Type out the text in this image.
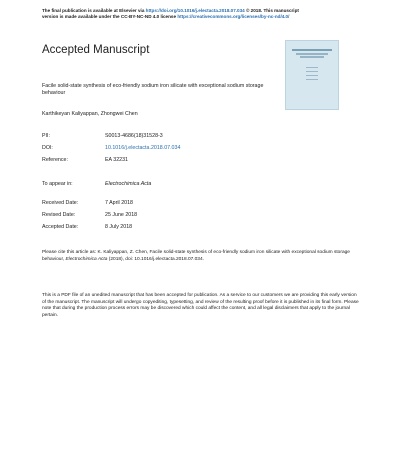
The final publication is available at Elsevier via https://doi.org/10.1016/j.electacta.2018.07.034 © 2018. This manuscript
version is made available under the CC-BY-NC-ND 4.0 license https://creativecommons.org/licenses/by-nc-nd/4.0/
Accepted Manuscript
Facile solid-state synthesis of eco-friendly sodium iron silicate with exceptional sodium storage behaviour
Karthikeyan Kaliyappan, Zhongwei Chen
PII:	S0013-4686(18)31528-3
DOI:	10.1016/j.electacta.2018.07.034
Reference:	EA 32231
To appear in:	Electrochimica Acta
Received Date:	7 April 2018
Revised Date:	25 June 2018
Accepted Date:	8 July 2018
Please cite this article as: K. Kaliyappan, Z. Chen, Facile solid-state synthesis of eco-friendly sodium iron silicate with exceptional sodium storage behaviour, Electrochimica Acta (2018), doi: 10.1016/j.electacta.2018.07.034.
This is a PDF file of an unedited manuscript that has been accepted for publication. As a service to our customers we are providing this early version of the manuscript. The manuscript will undergo copyediting, typesetting, and review of the resulting proof before it is published in its final form. Please note that during the production process errors may be discovered which could affect the content, and all legal disclaimers that apply to the journal pertain.
